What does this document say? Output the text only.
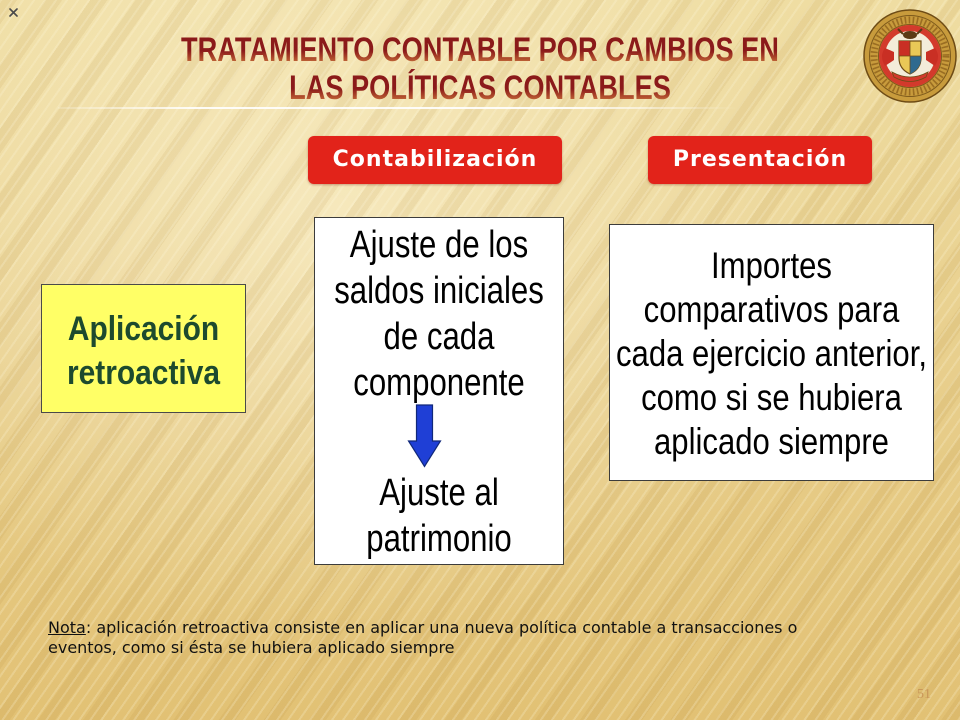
TRATAMIENTO CONTABLE POR CAMBIOS EN
LAS POLÍTICAS CONTABLES
Contabilización	Presentación
Aplicación
retroactiva
Ajuste de los
saldos iniciales
de cada
componente
Ajuste al
patrimonio
Importes
comparativos para
cada ejercicio anterior,
como si se hubiera
aplicado siempre
Nota: aplicación retroactiva consiste en aplicar una nueva política contable a transacciones o
eventos, como si ésta se hubiera aplicado siempre
51
